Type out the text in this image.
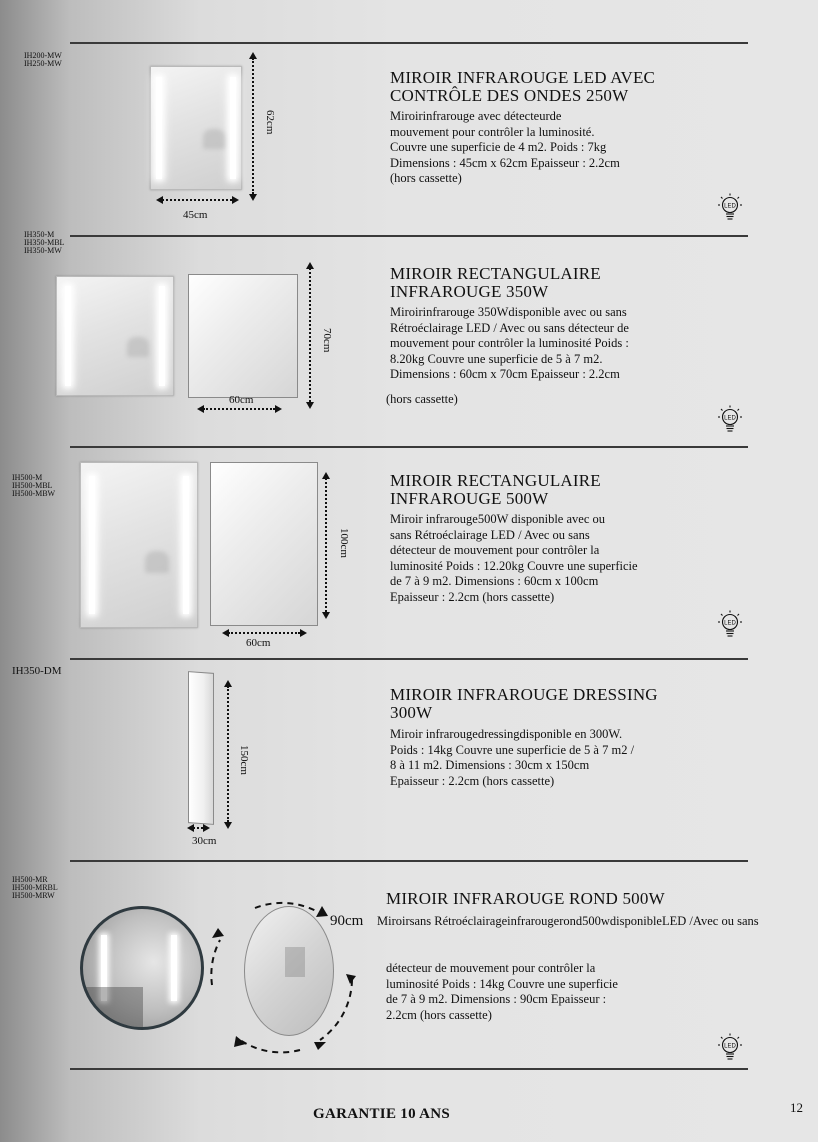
IH200-MW
IH250-MW
62cm
45cm
MIROIR INFRAROUGE LED AVEC
CONTRÔLE DES ONDES 250W
Miroirinfrarouge avec détecteurde
mouvement pour contrôler la luminosité.
Couvre une superficie de 4 m2. Poids : 7kg
Dimensions : 45cm x 62cm Epaisseur : 2.2cm
(hors cassette)
LED
IH350-M
IH350-MBL
IH350-MW
70cm
60cm
MIROIR RECTANGULAIRE
INFRAROUGE 350W
Miroirinfrarouge 350Wdisponible avec ou sans
Rétroéclairage LED / Avec ou sans détecteur de
mouvement pour contrôler la luminosité Poids :
8.20kg Couvre une superficie de 5 à 7 m2.
Dimensions : 60cm x 70cm Epaisseur : 2.2cm
(hors cassette)
LED
IH500-M
IH500-MBL
IH500-MBW
100cm
60cm
MIROIR RECTANGULAIRE
INFRAROUGE 500W
Miroir infrarouge500W disponible avec ou
sans Rétroéclairage LED / Avec ou sans
détecteur de mouvement pour contrôler la
luminosité Poids : 12.20kg Couvre une superficie
de 7 à 9 m2. Dimensions : 60cm x 100cm
Epaisseur : 2.2cm (hors cassette)
LED
IH350-DM
150cm
30cm
MIROIR INFRAROUGE DRESSING
300W
Miroir infrarougedressingdisponible en 300W.
Poids : 14kg Couvre une superficie de 5 à 7 m2 /
8 à 11 m2. Dimensions : 30cm x 150cm
Epaisseur : 2.2cm (hors cassette)
IH500-MR
IH500-MRBL
IH500-MRW
90cm
MIROIR INFRAROUGE ROND 500W
Miroirsans Rétroéclairageinfrarougerond500wdisponibleLED /Avec ou sans
détecteur de mouvement pour contrôler la
luminosité Poids : 14kg Couvre une superficie
de 7 à 9 m2. Dimensions : 90cm Epaisseur :
2.2cm (hors cassette)
LED
GARANTIE 10 ANS	12
